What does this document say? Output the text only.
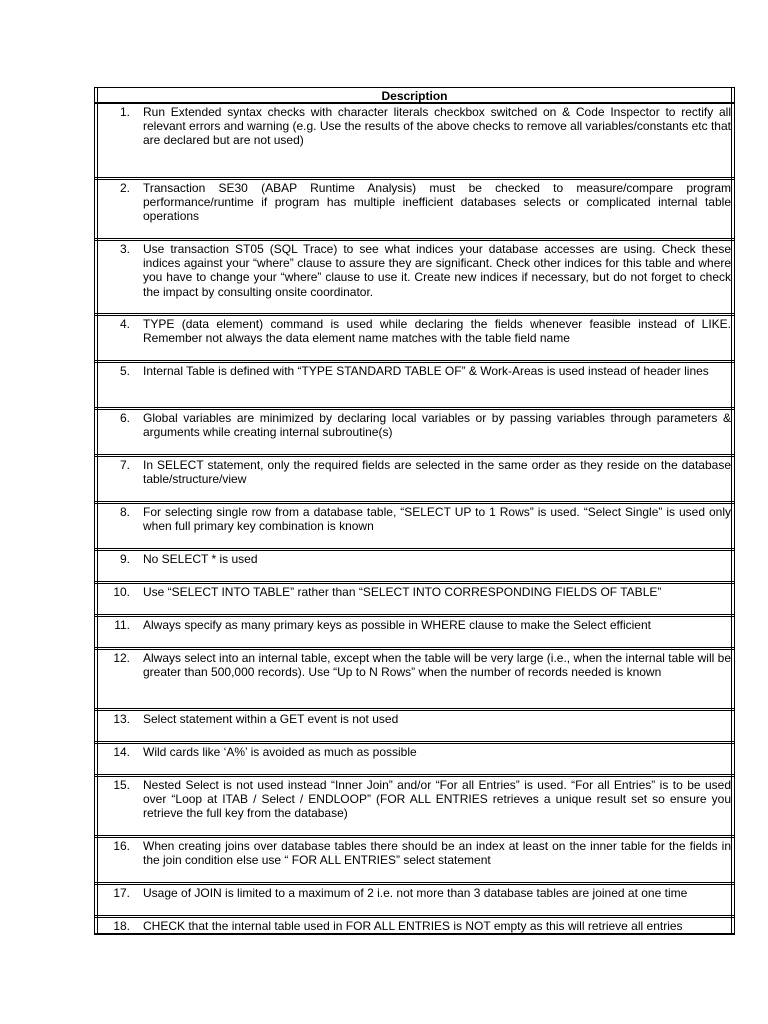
Description
1. Run Extended syntax checks with character literals checkbox switched on & Code Inspector to rectify all relevant errors and warning (e.g. Use the results of the above checks to remove all variables/constants etc that are declared but are not used)
2. Transaction SE30 (ABAP Runtime Analysis) must be checked to measure/compare program performance/runtime if program has multiple inefficient databases selects or complicated internal table operations
3. Use transaction ST05 (SQL Trace) to see what indices your database accesses are using. Check these indices against your “where” clause to assure they are significant. Check other indices for this table and where you have to change your “where” clause to use it. Create new indices if necessary, but do not forget to check the impact by consulting onsite coordinator.
4. TYPE (data element) command is used while declaring the fields whenever feasible instead of LIKE. Remember not always the data element name matches with the table field name
5. Internal Table is defined with “TYPE STANDARD TABLE OF” & Work-Areas is used instead of header lines
6. Global variables are minimized by declaring local variables or by passing variables through parameters & arguments while creating internal subroutine(s)
7. In SELECT statement, only the required fields are selected in the same order as they reside on the database table/structure/view
8. For selecting single row from a database table, “SELECT UP to 1 Rows” is used. “Select Single” is used only when full primary key combination is known
9. No SELECT * is used
10. Use “SELECT INTO TABLE” rather than “SELECT INTO CORRESPONDING FIELDS OF TABLE”
11. Always specify as many primary keys as possible in WHERE clause to make the Select efficient
12. Always select into an internal table, except when the table will be very large (i.e., when the internal table will be greater than 500,000 records). Use “Up to N Rows” when the number of records needed is known
13. Select statement within a GET event is not used
14. Wild cards like ‘A%’ is avoided as much as possible
15. Nested Select is not used instead “Inner Join” and/or “For all Entries” is used. “For all Entries” is to be used over “Loop at ITAB / Select / ENDLOOP” (FOR ALL ENTRIES retrieves a unique result set so ensure you retrieve the full key from the database)
16. When creating joins over database tables there should be an index at least on the inner table for the fields in the join condition else use “ FOR ALL ENTRIES” select statement
17. Usage of JOIN is limited to a maximum of 2 i.e. not more than 3 database tables are joined at one time
18. CHECK that the internal table used in FOR ALL ENTRIES is NOT empty as this will retrieve all entries
